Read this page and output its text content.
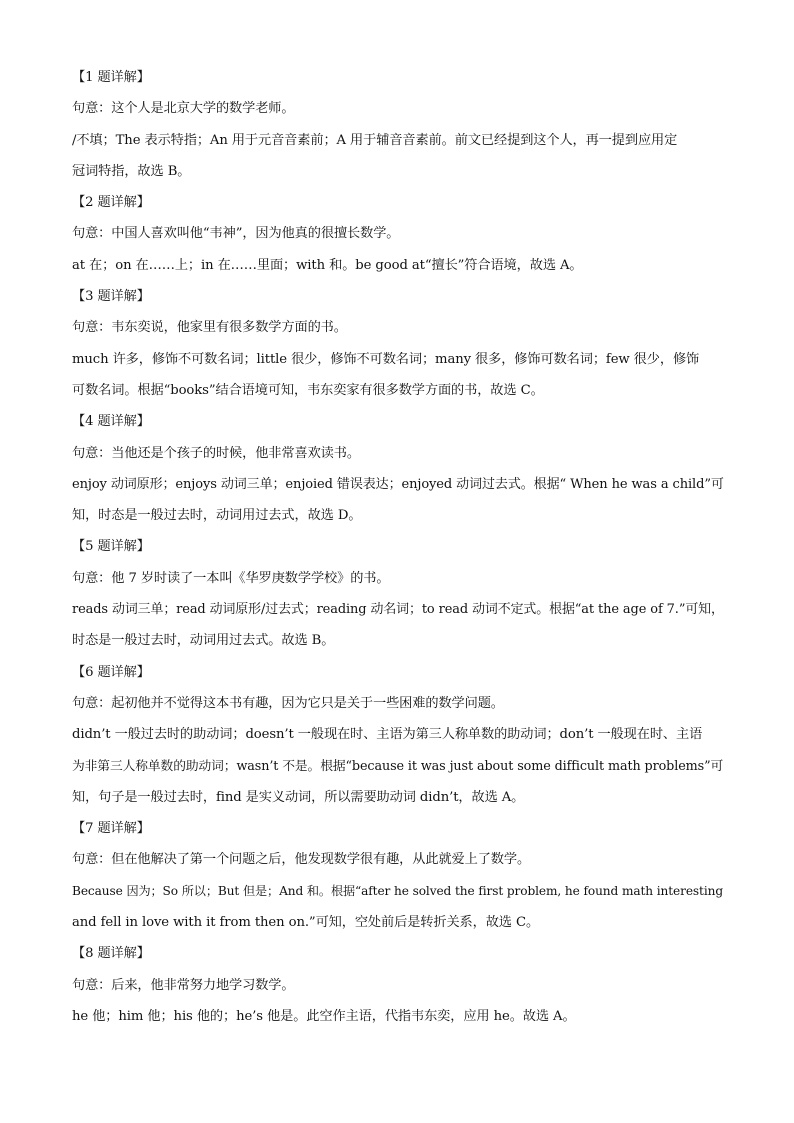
【1 题详解】
句意：这个人是北京大学的数学老师。
/不填；The 表示特指；An 用于元音音素前；A 用于辅音音素前。前文已经提到这个人，再一提到应用定
冠词特指，故选 B。
【2 题详解】
句意：中国人喜欢叫他“韦神”，因为他真的很擅长数学。
at 在；on 在……上；in 在……里面；with 和。be good at“擅长”符合语境，故选 A。
【3 题详解】
句意：韦东奕说，他家里有很多数学方面的书。
much 许多，修饰不可数名词；little 很少，修饰不可数名词；many 很多，修饰可数名词；few 很少，修饰
可数名词。根据“books”结合语境可知，韦东奕家有很多数学方面的书，故选 C。
【4 题详解】
句意：当他还是个孩子的时候，他非常喜欢读书。
enjoy 动词原形；enjoys 动词三单；enjoied 错误表达；enjoyed 动词过去式。根据“ When he was a child”可
知，时态是一般过去时，动词用过去式，故选 D。
【5 题详解】
句意：他 7 岁时读了一本叫《华罗庚数学学校》的书。
reads 动词三单；read 动词原形/过去式；reading 动名词；to read 动词不定式。根据“at the age of 7.”可知，
时态是一般过去时，动词用过去式。故选 B。
【6 题详解】
句意：起初他并不觉得这本书有趣，因为它只是关于一些困难的数学问题。
didn’t 一般过去时的助动词；doesn’t 一般现在时、主语为第三人称单数的助动词；don’t 一般现在时、主语
为非第三人称单数的助动词；wasn’t 不是。根据“because it was just about some difficult math problems”可
知，句子是一般过去时，find 是实义动词，所以需要助动词 didn’t，故选 A。
【7 题详解】
句意：但在他解决了第一个问题之后，他发现数学很有趣，从此就爱上了数学。
Because 因为；So 所以；But 但是；And 和。根据“after he solved the first problem, he found math interesting
and fell in love with it from then on.”可知，空处前后是转折关系，故选 C。
【8 题详解】
句意：后来，他非常努力地学习数学。
he 他；him 他；his 他的；he’s 他是。此空作主语，代指韦东奕，应用 he。故选 A。
